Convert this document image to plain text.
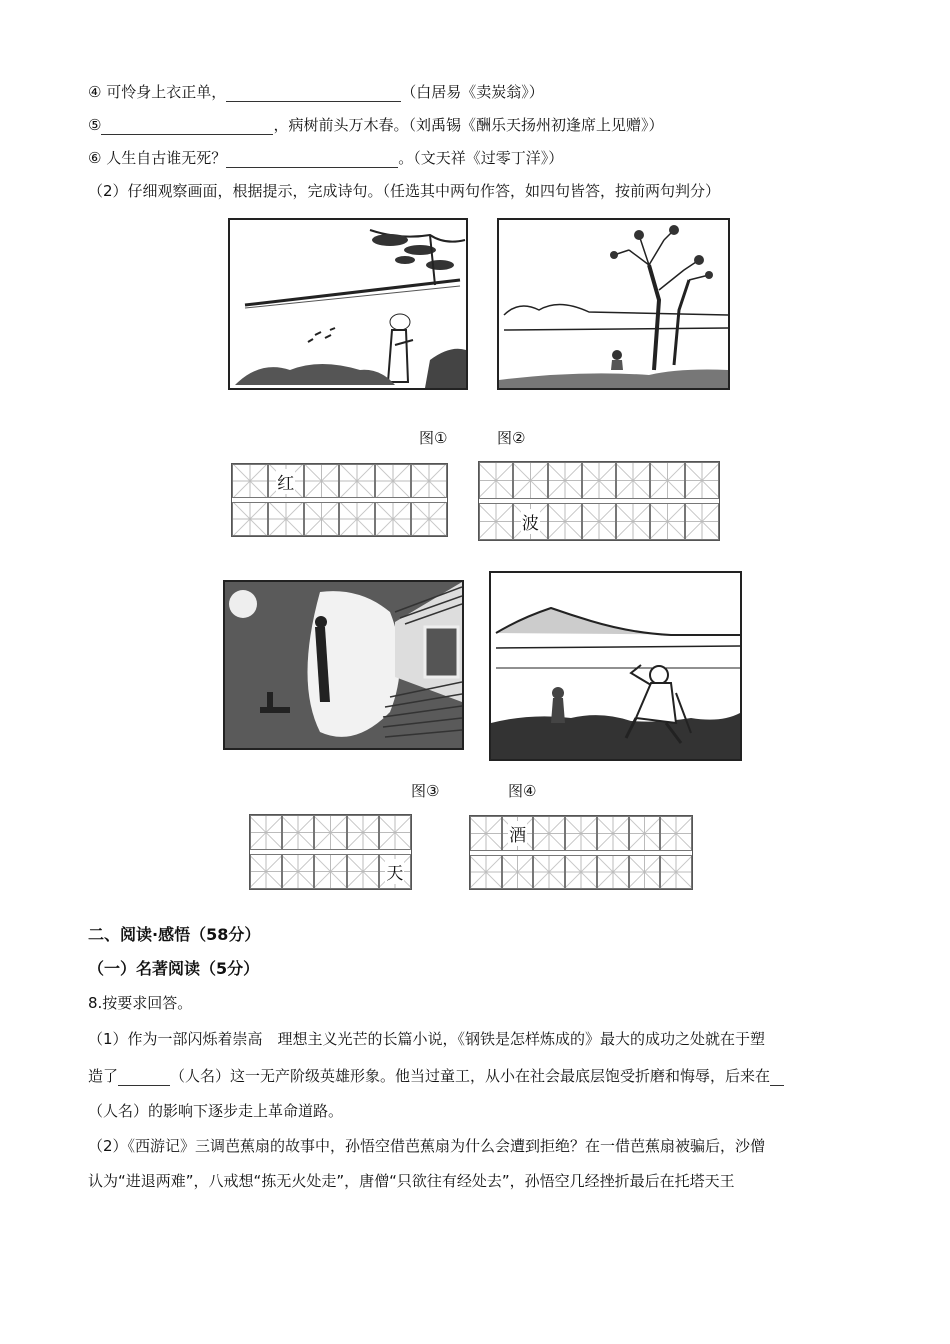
④ 可怜身上衣正单，	（白居易《卖炭翁》）
⑤	，病树前头万木春。（刘禹锡《酬乐天扬州初逢席上见赠》）
⑥ 人生自古谁无死？	。（文天祥《过零丁洋》）
（2）仔细观察画面，根据提示，完成诗句。（任选其中两句作答，如四句皆答，按前两句判分）
图①	图②
红
波
图③	图④
天
酒
二、阅读·感悟（58分）
（一）名著阅读（5分）
8.按要求回答。
（1）作为一部闪烁着崇高　理想主义光芒的长篇小说，《钢铁是怎样炼成的》最大的成功之处就在于塑
造了	（人名）这一无产阶级英雄形象。他当过童工，从小在社会最底层饱受折磨和悔辱，后来在
（人名）的影响下逐步走上革命道路。
（2）《西游记》三调芭蕉扇的故事中，孙悟空借芭蕉扇为什么会遭到拒绝？在一借芭蕉扇被骗后，沙僧
认为“进退两难”，八戒想“拣无火处走”，唐僧“只欲往有经处去”，孙悟空几经挫折最后在托塔天王
